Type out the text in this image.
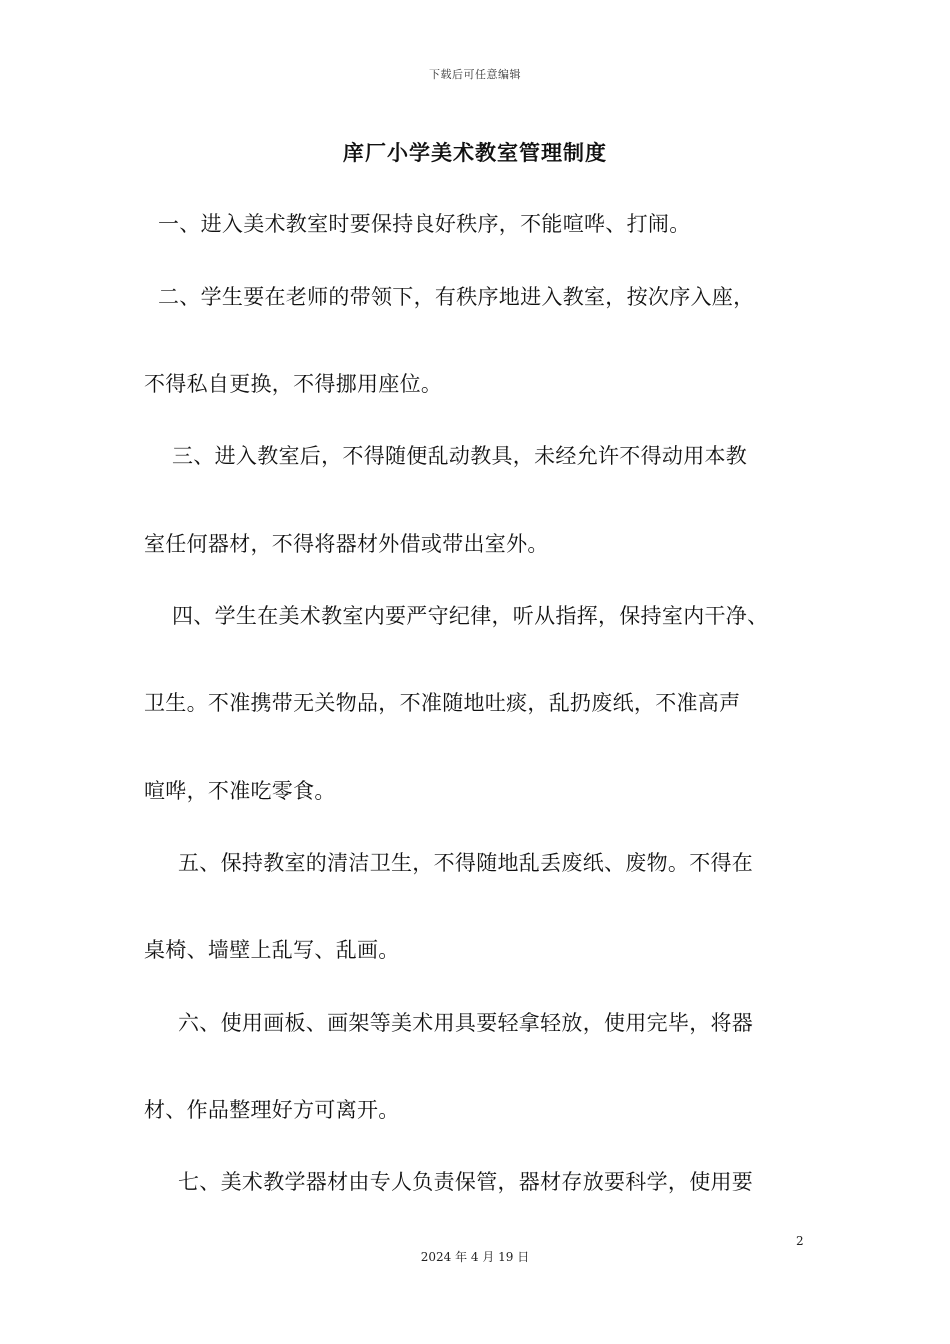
下载后可任意编辑
庠厂小学美术教室管理制度
一、进入美术教室时要保持良好秩序，不能喧哗、打闹。
二、学生要在老师的带领下，有秩序地进入教室，按次序入座，
不得私自更换，不得挪用座位。
三、进入教室后，不得随便乱动教具，未经允许不得动用本教
室任何器材，不得将器材外借或带出室外。
四、学生在美术教室内要严守纪律，听从指挥，保持室内干净、
卫生。不准携带无关物品，不准随地吐痰，乱扔废纸，不准高声
喧哗，不准吃零食。
五、保持教室的清洁卫生，不得随地乱丢废纸、废物。不得在
桌椅、墙壁上乱写、乱画。
六、使用画板、画架等美术用具要轻拿轻放，使用完毕，将器
材、作品整理好方可离开。
七、美术教学器材由专人负责保管，器材存放要科学，使用要
2
2024 年 4 月 19 日
